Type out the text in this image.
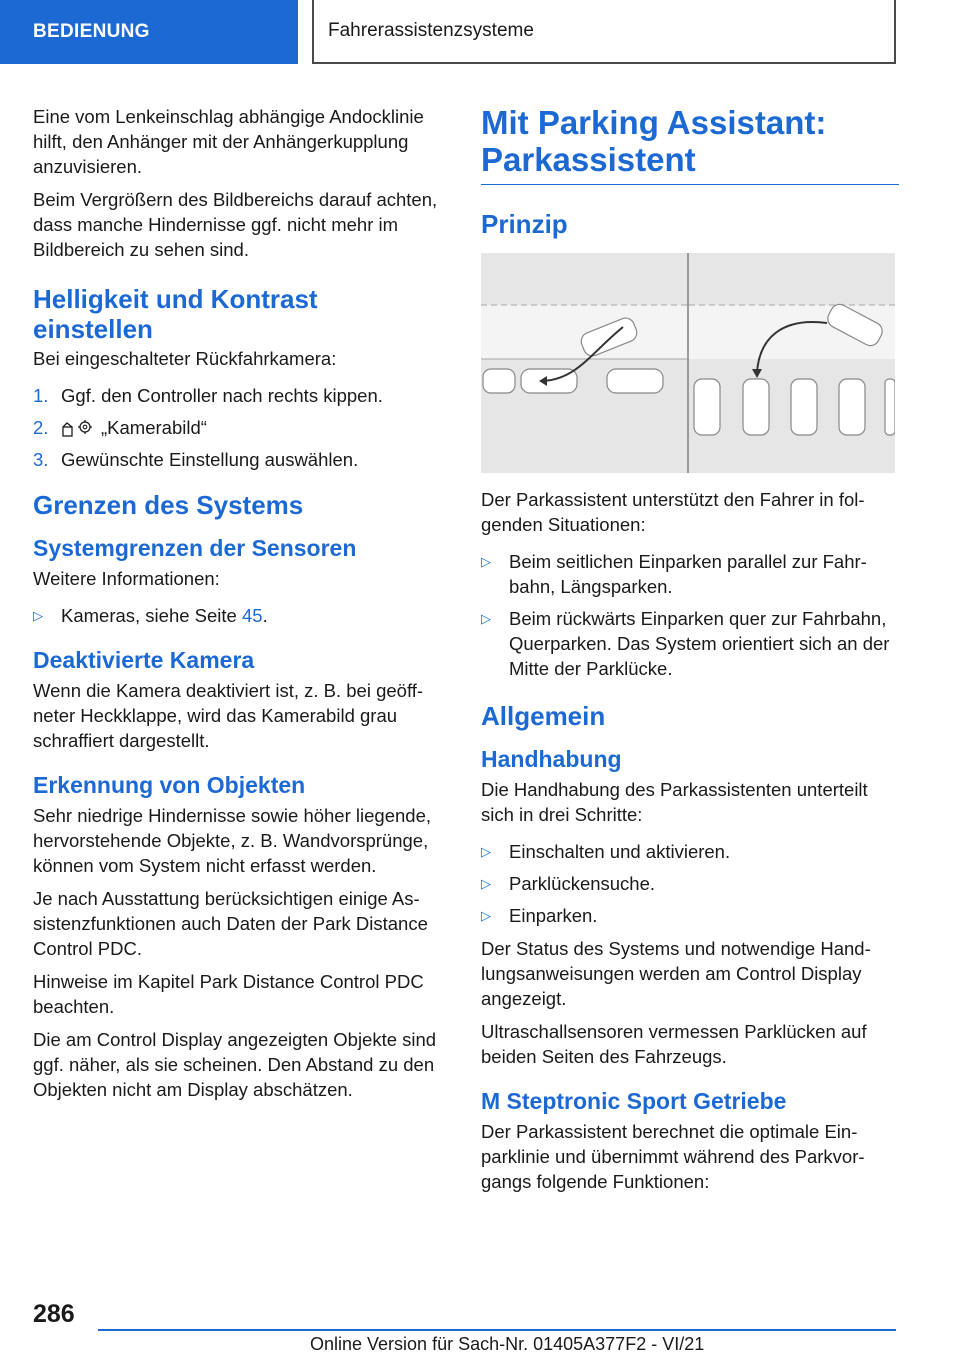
BEDIENUNG	Fahrerassistenzsysteme

Eine vom Lenkeinschlag abhängige Andocklinie hilft, den Anhänger mit der Anhängerkupplung anzuvisieren.

Beim Vergrößern des Bildbereichs darauf achten, dass manche Hindernisse ggf. nicht mehr im Bildbereich zu sehen sind.

Helligkeit und Kontrast
einstellen

Bei eingeschalteter Rückfahrkamera:

1. Ggf. den Controller nach rechts kippen.
2.	„Kamerabild“
3. Gewünschte Einstellung auswählen.
Grenzen des Systems
Systemgrenzen der Sensoren

Weitere Informationen:

▷ Kameras, siehe Seite 45.
Deaktivierte Kamera

Wenn die Kamera deaktiviert ist, z. B. bei geöff-neter Heckklappe, wird das Kamerabild grau schraffiert dargestellt.

Erkennung von Objekten

Sehr niedrige Hindernisse sowie höher liegende, hervorstehende Objekte, z. B. Wandvorsprünge, können vom System nicht erfasst werden.

Je nach Ausstattung berücksichtigen einige As-sistenzfunktionen auch Daten der Park Distance Control PDC.

Hinweise im Kapitel Park Distance Control PDC beachten.

Die am Control Display angezeigten Objekte sind ggf. näher, als sie scheinen. Den Abstand zu den Objekten nicht am Display abschätzen.

Mit Parking Assistant:
Parkassistent
Prinzip

Der Parkassistent unterstützt den Fahrer in fol-genden Situationen:

▷ Beim seitlichen Einparken parallel zur Fahr-bahn, Längsparken.
▷ Beim rückwärts Einparken quer zur Fahrbahn, Querparken. Das System orientiert sich an der Mitte der Parklücke.
Allgemein
Handhabung

Die Handhabung des Parkassistenten unterteilt sich in drei Schritte:

▷ Einschalten und aktivieren.
▷ Parklückensuche.
▷ Einparken.

Der Status des Systems und notwendige Hand-lungsanweisungen werden am Control Display angezeigt.

Ultraschallsensoren vermessen Parklücken auf beiden Seiten des Fahrzeugs.

M Steptronic Sport Getriebe

Der Parkassistent berechnet die optimale Ein-parklinie und übernimmt während des Parkvor-gangs folgende Funktionen:

286
Online Version für Sach-Nr. 01405A377F2 - VI/21
